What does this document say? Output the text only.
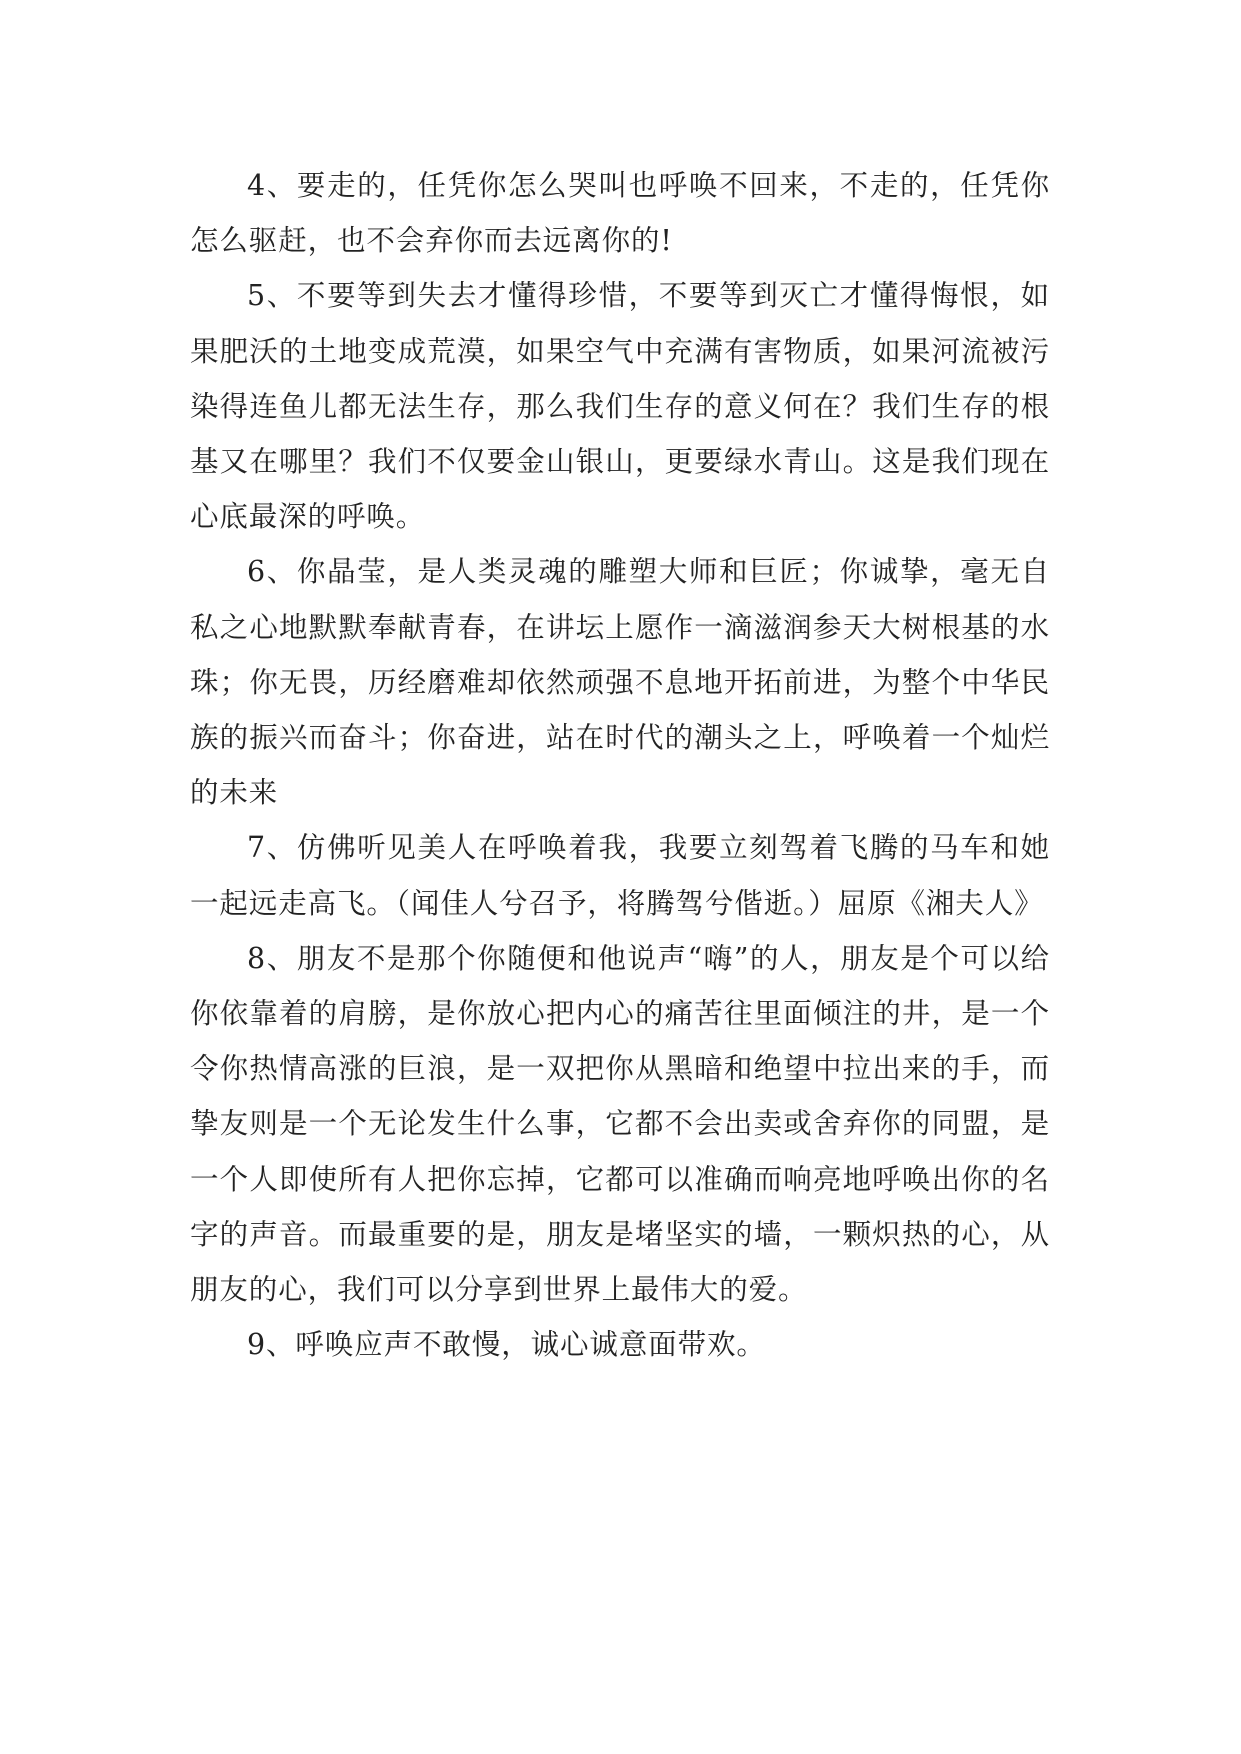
4、要走的，任凭你怎么哭叫也呼唤不回来，不走的，任凭你怎么驱赶，也不会弃你而去远离你的!

5、不要等到失去才懂得珍惜，不要等到灭亡才懂得悔恨，如果肥沃的土地变成荒漠，如果空气中充满有害物质，如果河流被污染得连鱼儿都无法生存，那么我们生存的意义何在？我们生存的根基又在哪里？我们不仅要金山银山，更要绿水青山。这是我们现在心底最深的呼唤。

6、你晶莹，是人类灵魂的雕塑大师和巨匠；你诚挚，毫无自私之心地默默奉献青春，在讲坛上愿作一滴滋润参天大树根基的水珠；你无畏，历经磨难却依然顽强不息地开拓前进，为整个中华民族的振兴而奋斗；你奋进，站在时代的潮头之上，呼唤着一个灿烂的未来

7、仿佛听见美人在呼唤着我，我要立刻驾着飞腾的马车和她一起远走高飞。（闻佳人兮召予，将腾驾兮偕逝。）屈原《湘夫人》

8、朋友不是那个你随便和他说声“嗨”的人，朋友是个可以给你依靠着的肩膀，是你放心把内心的痛苦往里面倾注的井，是一个令你热情高涨的巨浪，是一双把你从黑暗和绝望中拉出来的手，而挚友则是一个无论发生什么事，它都不会出卖或舍弃你的同盟，是一个人即使所有人把你忘掉，它都可以准确而响亮地呼唤出你的名字的声音。而最重要的是，朋友是堵坚实的墙，一颗炽热的心，从朋友的心，我们可以分享到世界上最伟大的爱。

9、呼唤应声不敢慢，诚心诚意面带欢。
